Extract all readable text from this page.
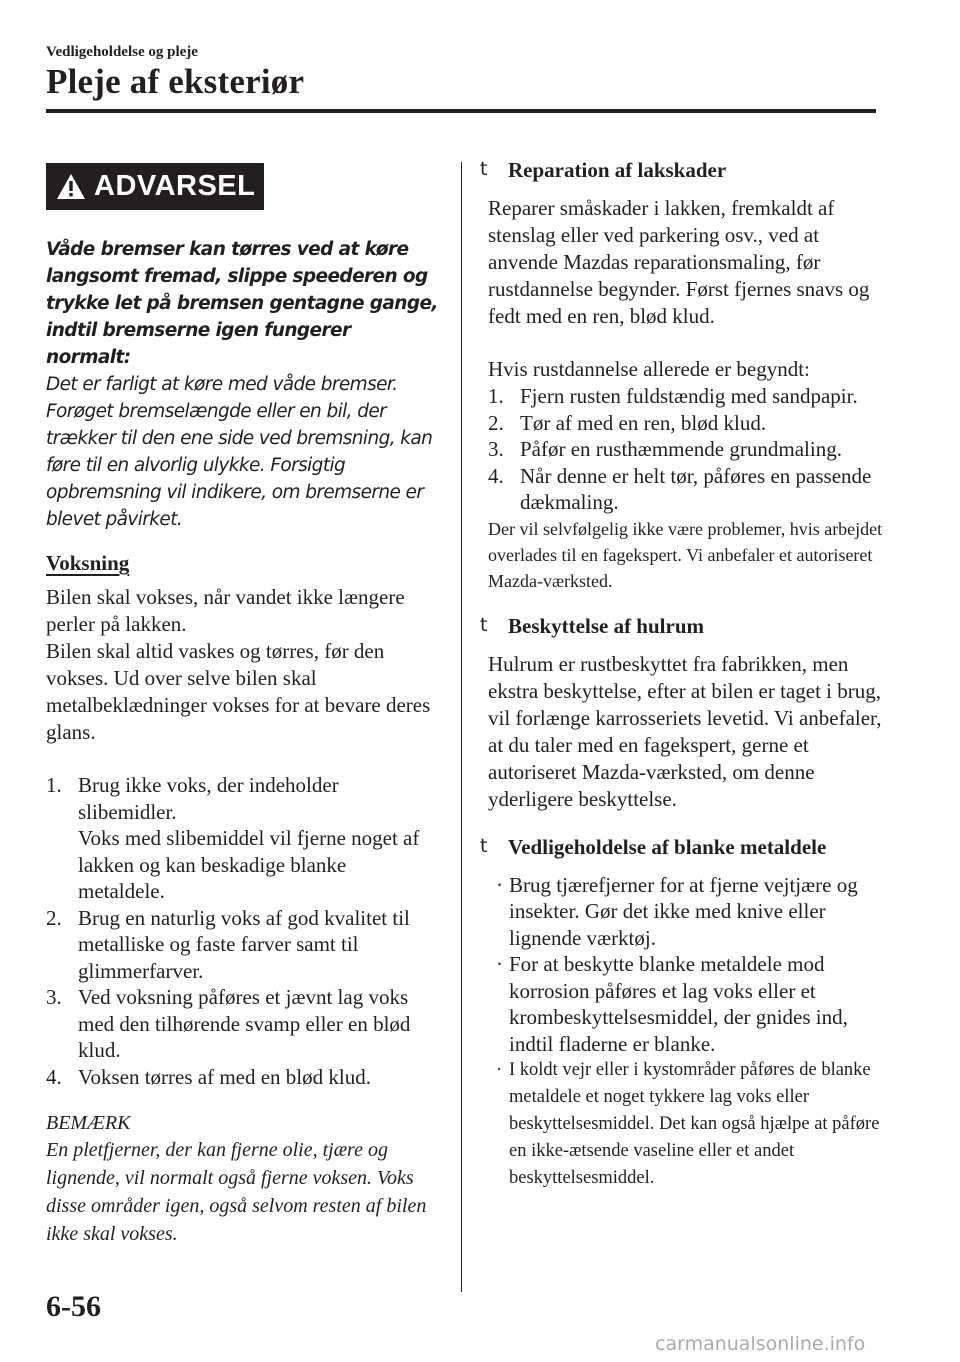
Vedligeholdelse og pleje
Pleje af eksteriør
ADVARSEL
Våde bremser kan tørres ved at køre langsomt fremad, slippe speederen og trykke let på bremsen gentagne gange, indtil bremserne igen fungerer normalt:
Det er farligt at køre med våde bremser. Forøget bremselængde eller en bil, der trækker til den ene side ved bremsning, kan føre til en alvorlig ulykke. Forsigtig opbremsning vil indikere, om bremserne er blevet påvirket.
Voksning
Bilen skal vokses, når vandet ikke længere perler på lakken.
Bilen skal altid vaskes og tørres, før den vokses. Ud over selve bilen skal metalbeklædninger vokses for at bevare deres glans.
1. Brug ikke voks, der indeholder slibemidler.
Voks med slibemiddel vil fjerne noget af lakken og kan beskadige blanke metaldele.
2. Brug en naturlig voks af god kvalitet til metalliske og faste farver samt til glimmerfarver.
3. Ved voksning påføres et jævnt lag voks med den tilhørende svamp eller en blød klud.
4. Voksen tørres af med en blød klud.
BEMÆRK
En pletfjerner, der kan fjerne olie, tjære og lignende, vil normalt også fjerne voksen. Voks disse områder igen, også selvom resten af bilen ikke skal vokses.
t Reparation af lakskader
Reparer småskader i lakken, fremkaldt af stenslag eller ved parkering osv., ved at anvende Mazdas reparationsmaling, før rustdannelse begynder. Først fjernes snavs og fedt med en ren, blød klud.
Hvis rustdannelse allerede er begyndt:
1. Fjern rusten fuldstændig med sandpapir.
2. Tør af med en ren, blød klud.
3. Påfør en rusthæmmende grundmaling.
4. Når denne er helt tør, påføres en passende dækmaling.
Der vil selvfølgelig ikke være problemer, hvis arbejdet overlades til en fagekspert. Vi anbefaler et autoriseret Mazda-værksted.
t Beskyttelse af hulrum
Hulrum er rustbeskyttet fra fabrikken, men ekstra beskyttelse, efter at bilen er taget i brug, vil forlænge karrosseriets levetid. Vi anbefaler, at du taler med en fagekspert, gerne et autoriseret Mazda-værksted, om denne yderligere beskyttelse.
t Vedligeholdelse af blanke metaldele
· Brug tjærefjerner for at fjerne vejtjære og insekter. Gør det ikke med knive eller lignende værktøj.
· For at beskytte blanke metaldele mod korrosion påføres et lag voks eller et krombeskyttelsesmiddel, der gnides ind, indtil fladerne er blanke.
· I koldt vejr eller i kystområder påføres de blanke metaldele et noget tykkere lag voks eller beskyttelsesmiddel. Det kan også hjælpe at påføre en ikke-ætsende vaseline eller et andet beskyttelsesmiddel.
6-56
carmanualsonline.info
